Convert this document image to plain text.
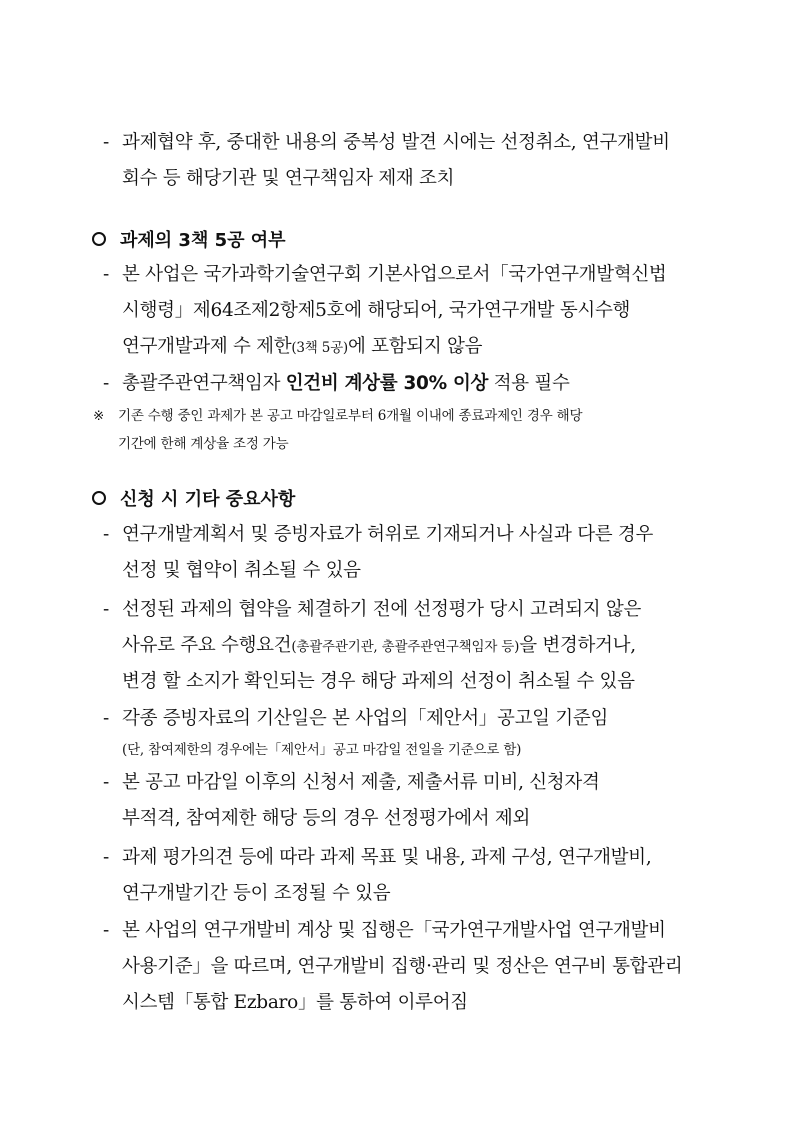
- 과제협약 후, 중대한 내용의 중복성 발견 시에는 선정취소, 연구개발비
회수 등 해당기관 및 연구책임자 제재 조치
과제의 3책 5공 여부
- 본 사업은 국가과학기술연구회 기본사업으로서「국가연구개발혁신법
시행령」제64조제2항제5호에 해당되어, 국가연구개발 동시수행
연구개발과제 수 제한(3책 5공)에 포함되지 않음
- 총괄주관연구책임자 인건비 계상률 30% 이상 적용 필수
※ 기존 수행 중인 과제가 본 공고 마감일로부터 6개월 이내에 종료과제인 경우 해당
기간에 한해 계상율 조정 가능
신청 시 기타 중요사항
- 연구개발계획서 및 증빙자료가 허위로 기재되거나 사실과 다른 경우
선정 및 협약이 취소될 수 있음
- 선정된 과제의 협약을 체결하기 전에 선정평가 당시 고려되지 않은
사유로 주요 수행요건(총괄주관기관, 총괄주관연구책임자 등)을 변경하거나,
변경 할 소지가 확인되는 경우 해당 과제의 선정이 취소될 수 있음
- 각종 증빙자료의 기산일은 본 사업의「제안서」공고일 기준임
(단, 참여제한의 경우에는「제안서」공고 마감일 전일을 기준으로 함)
- 본 공고 마감일 이후의 신청서 제출, 제출서류 미비, 신청자격
부적격, 참여제한 해당 등의 경우 선정평가에서 제외
- 과제 평가의견 등에 따라 과제 목표 및 내용, 과제 구성, 연구개발비,
연구개발기간 등이 조정될 수 있음
- 본 사업의 연구개발비 계상 및 집행은「국가연구개발사업 연구개발비
사용기준」을 따르며, 연구개발비 집행·관리 및 정산은 연구비 통합관리
시스템「통합 Ezbaro」를 통하여 이루어짐
